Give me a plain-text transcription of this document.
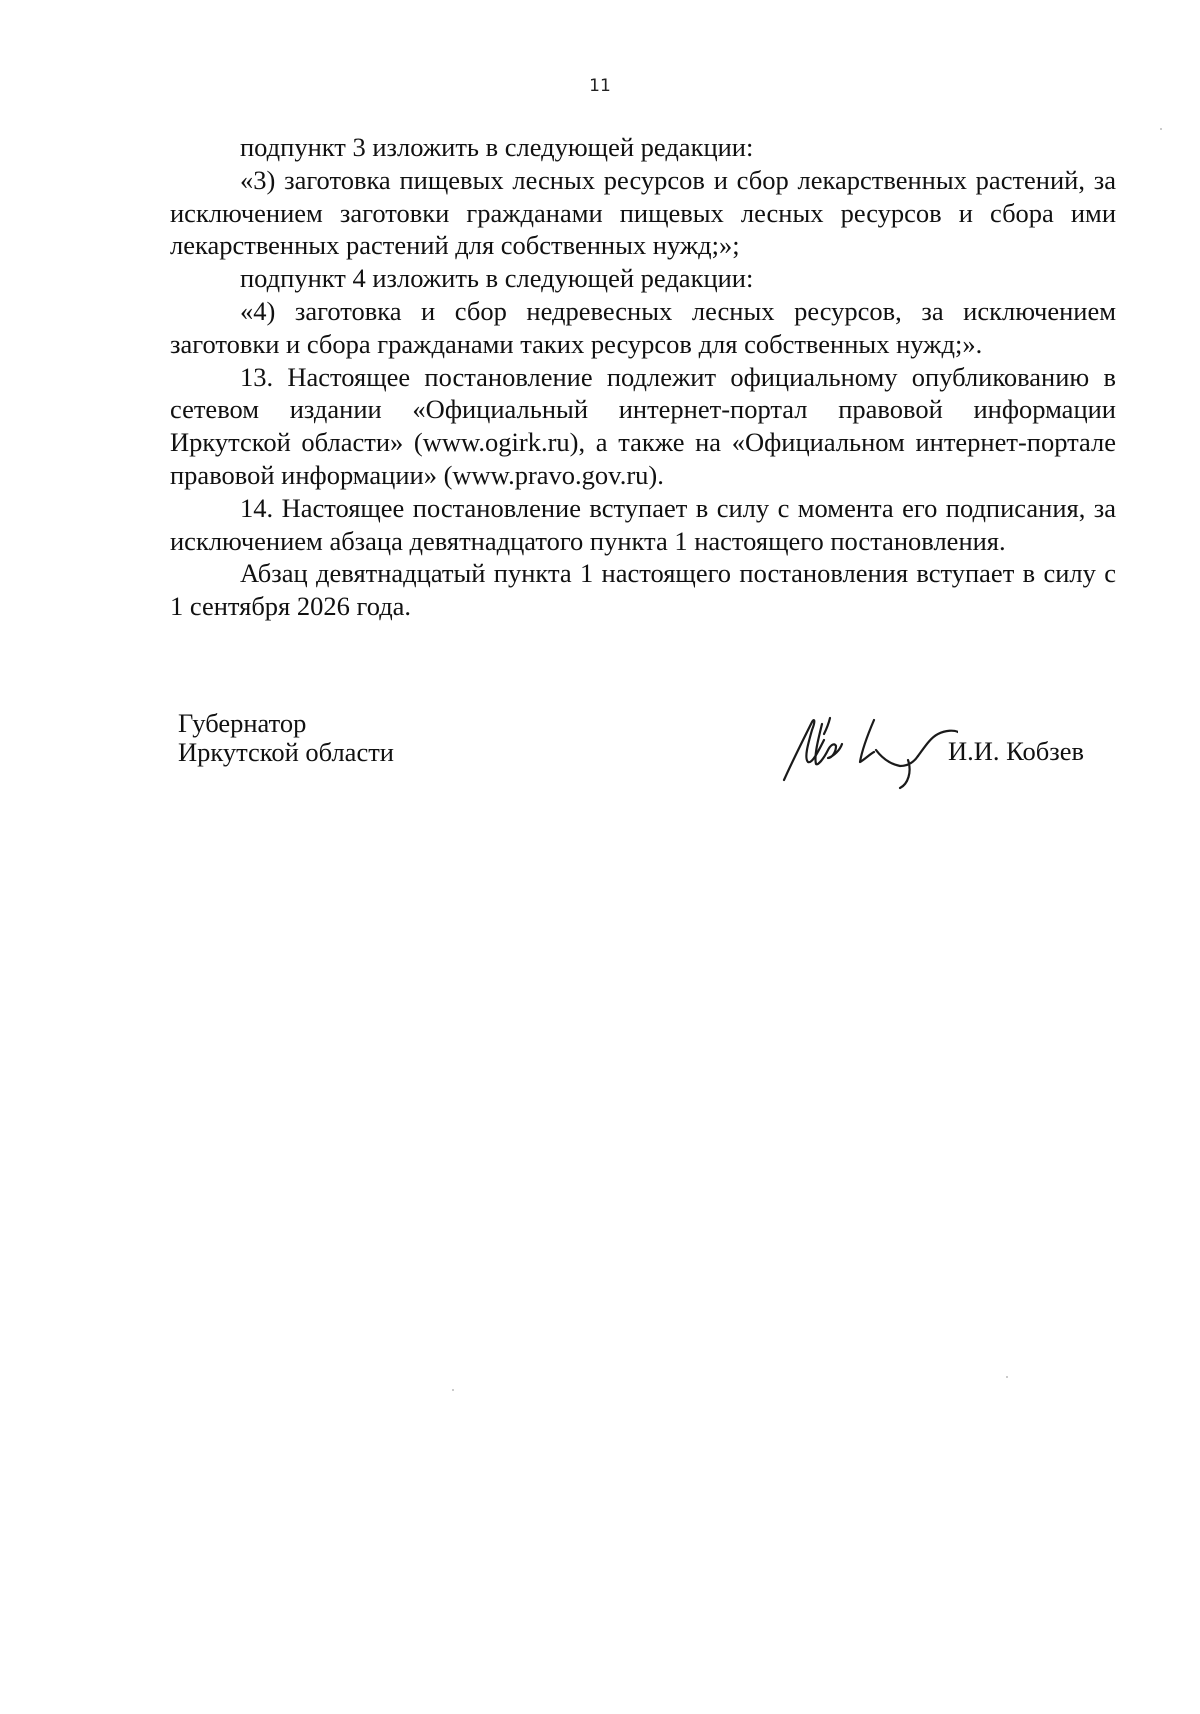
11

подпункт 3 изложить в следующей редакции:

«3) заготовка пищевых лесных ресурсов и сбор лекарственных растений, за исключением заготовки гражданами пищевых лесных ресурсов и сбора ими лекарственных растений для собственных нужд;»;

подпункт 4 изложить в следующей редакции:

«4) заготовка и сбор недревесных лесных ресурсов, за исключением заготовки и сбора гражданами таких ресурсов для собственных нужд;».

13. Настоящее постановление подлежит официальному опубликованию в сетевом издании «Официальный интернет-портал правовой информации Иркутской области» (www.ogirk.ru), а также на «Официальном интернет-портале правовой информации» (www.pravo.gov.ru).

14. Настоящее постановление вступает в силу с момента его подписания, за исключением абзаца девятнадцатого пункта 1 настоящего постановления.

Абзац девятнадцатый пункта 1 настоящего постановления вступает в силу с 1 сентября 2026 года.

Губернатор
Иркутской области	И.И. Кобзев
